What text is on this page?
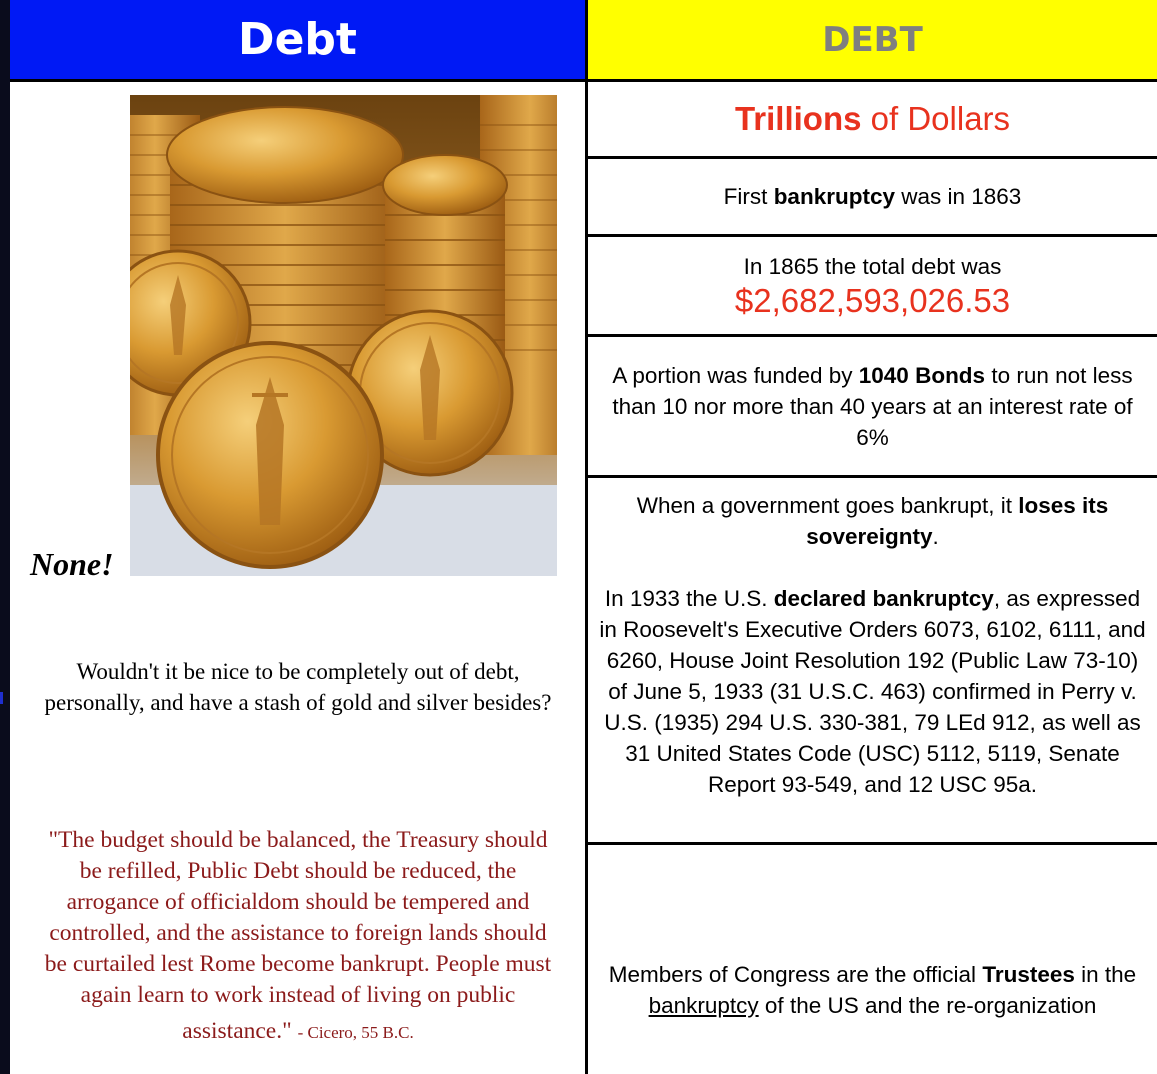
Debt
None!
Wouldn't it be nice to be completely out of debt, personally, and have a stash of gold and silver besides?
"The budget should be balanced, the Treasury should
be refilled, Public Debt should be reduced, the
arrogance of officialdom should be tempered and
controlled, and the assistance to foreign lands should
be curtailed lest Rome become bankrupt. People must
again learn to work instead of living on public
assistance." - Cicero, 55 B.C.
DEBT
Trillions of Dollars
First bankruptcy was in 1863
In 1865 the total debt was
$2,682,593,026.53
A portion was funded by 1040 Bonds to run not less than 10 nor more than 40 years at an interest rate of 6%
When a government goes bankrupt, it loses its sovereignty.
In 1933 the U.S. declared bankruptcy, as expressed in Roosevelt's Executive Orders 6073, 6102, 6111, and 6260, House Joint Resolution 192 (Public Law 73-10) of June 5, 1933 (31 U.S.C. 463) confirmed in Perry v. U.S. (1935) 294 U.S. 330-381, 79 LEd 912, as well as 31 United States Code (USC) 5112, 5119, Senate Report 93-549, and 12 USC 95a.
Members of Congress are the official Trustees in the bankruptcy of the US and the re-organization
